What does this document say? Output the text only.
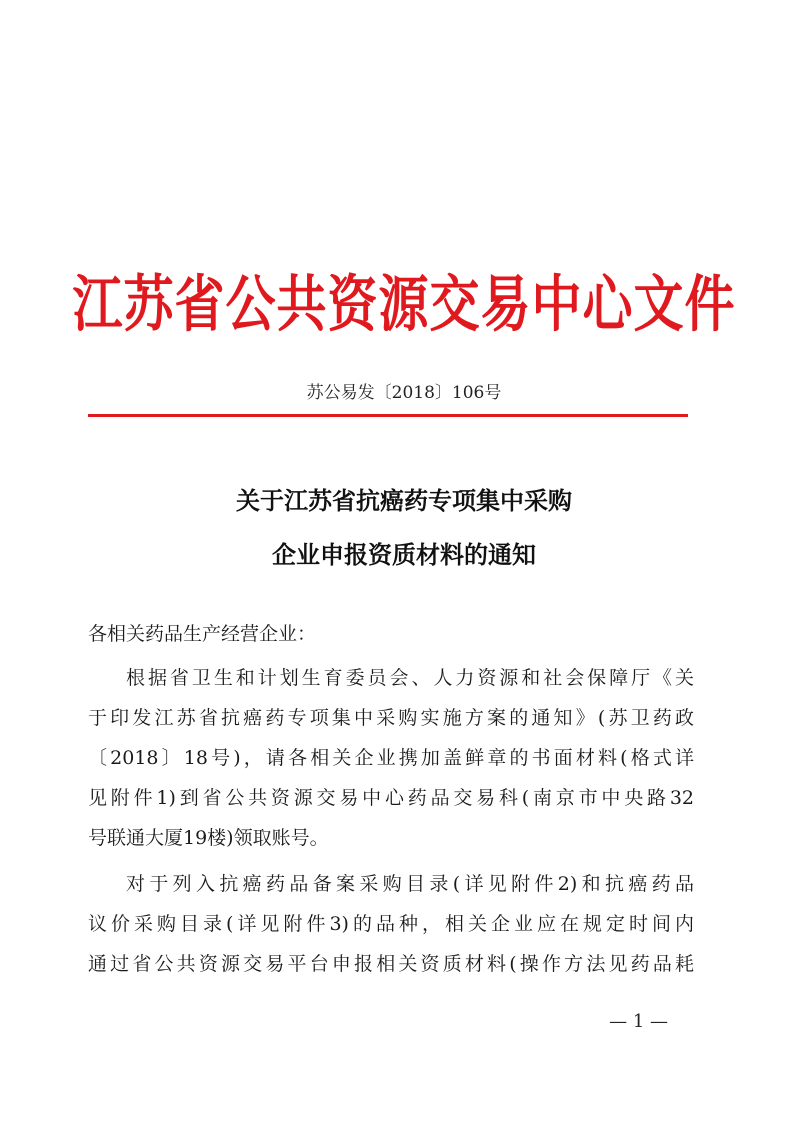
江苏省公共资源交易中心文件
苏公易发〔2018〕106号
关于江苏省抗癌药专项集中采购
企业申报资质材料的通知

各相关药品生产经营企业：

根据省卫生和计划生育委员会、人力资源和社会保障厅《关

于印发江苏省抗癌药专项集中采购实施方案的通知》(苏卫药政

〔2018〕18号)，请各相关企业携加盖鲜章的书面材料(格式详

见附件1)到省公共资源交易中心药品交易科(南京市中央路32

号联通大厦19楼)领取账号。

对于列入抗癌药品备案采购目录(详见附件2)和抗癌药品

议价采购目录(详见附件3)的品种，相关企业应在规定时间内

通过省公共资源交易平台申报相关资质材料(操作方法见药品耗

— 1 —
